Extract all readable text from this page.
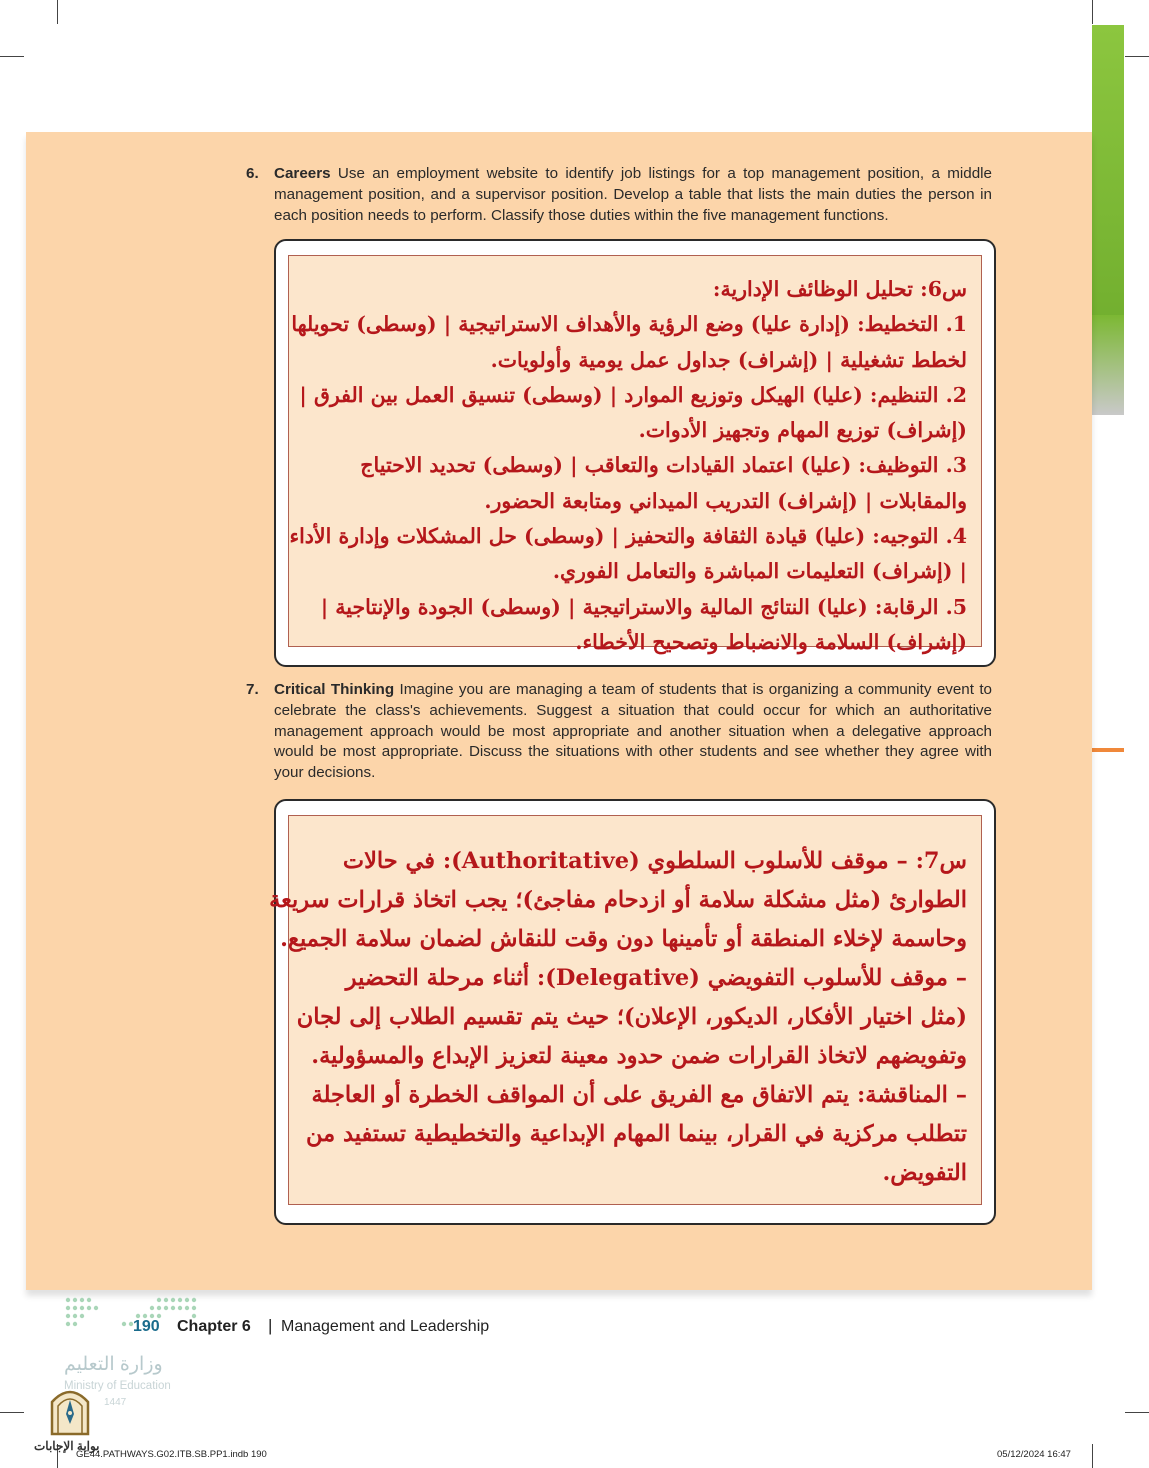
6. Careers Use an employment website to identify job listings for a top management position, a middle management position, and a supervisor position. Develop a table that lists the main duties the person in each position needs to perform. Classify those duties within the five management functions.
س6: تحليل الوظائف الإدارية:
1. التخطيط: (إدارة عليا) وضع الرؤية والأهداف الاستراتيجية | (وسطى) تحويلها
لخطط تشغيلية | (إشراف) جداول عمل يومية وأولويات.
2. التنظيم: (عليا) الهيكل وتوزيع الموارد | (وسطى) تنسيق العمل بين الفرق |
(إشراف) توزيع المهام وتجهيز الأدوات.
3. التوظيف: (عليا) اعتماد القيادات والتعاقب | (وسطى) تحديد الاحتياج
والمقابلات | (إشراف) التدريب الميداني ومتابعة الحضور.
4. التوجيه: (عليا) قيادة الثقافة والتحفيز | (وسطى) حل المشكلات وإدارة الأداء
| (إشراف) التعليمات المباشرة والتعامل الفوري.
5. الرقابة: (عليا) النتائج المالية والاستراتيجية | (وسطى) الجودة والإنتاجية |
(إشراف) السلامة والانضباط وتصحيح الأخطاء.
7. Critical Thinking Imagine you are managing a team of students that is organizing a community event to celebrate the class's achievements. Suggest a situation that could occur for which an authoritative management approach would be most appropriate and another situation when a delegative approach would be most appropriate. Discuss the situations with other students and see whether they agree with your decisions.
س7: – موقف للأسلوب السلطوي (Authoritative): في حالات
الطوارئ (مثل مشكلة سلامة أو ازدحام مفاجئ)؛ يجب اتخاذ قرارات سريعة
وحاسمة لإخلاء المنطقة أو تأمينها دون وقت للنقاش لضمان سلامة الجميع.
– موقف للأسلوب التفويضي (Delegative): أثناء مرحلة التحضير
(مثل اختيار الأفكار، الديكور، الإعلان)؛ حيث يتم تقسيم الطلاب إلى لجان
وتفويضهم لاتخاذ القرارات ضمن حدود معينة لتعزيز الإبداع والمسؤولية.
– المناقشة: يتم الاتفاق مع الفريق على أن المواقف الخطرة أو العاجلة
تتطلب مركزية في القرار، بينما المهام الإبداعية والتخطيطية تستفيد من
التفويض.
190 Chapter 6 | Management and Leadership
وزارة التعليم
Ministry of Education
1447
بوابة الإجابات
GE44.PATHWAYS.G02.ITB.SB.PP1.indb 190	05/12/2024 16:47
